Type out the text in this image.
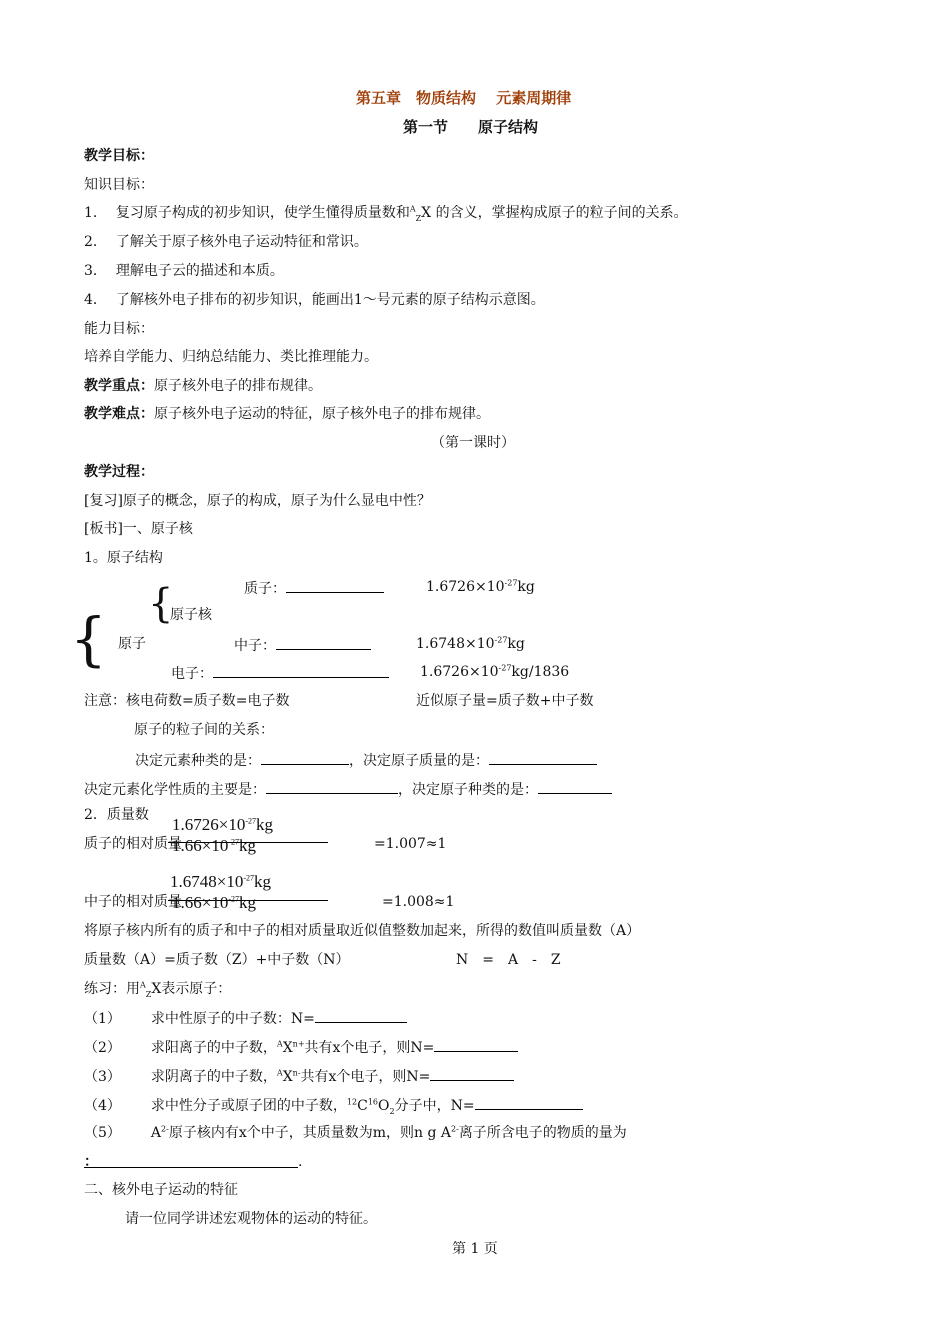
第五章　物质结构　 元素周期律
第一节　　原子结构
教学目标：
知识目标：
1． 复习原子构成的初步知识，使学生懂得质量数和$^A_Z$X 的含义，掌握构成原子的粒子间的关系。
2． 了解关于原子核外电子运动特征和常识。
3． 理解电子云的描述和本质。
4． 了解核外电子排布的初步知识，能画出1～号元素的原子结构示意图。
能力目标：
培养自学能力、归纳总结能力、类比推理能力。
教学重点：原子核外电子的排布规律。
教学难点：原子核外电子运动的特征，原子核外电子的排布规律。
（第一课时）
教学过程：
[复习]原子的概念，原子的构成，原子为什么显电中性？
[板书]一、原子核
1。原子结构
{
{	质子：	$1.6726\times 10^{-27}kg$
原子核
原子	中子：	$1.6748\times 10^{-27}kg$
电子：	$1.6726\times 10^{-27}kg/1836$
注意：核电荷数=质子数=电子数	近似原子量=质子数+中子数
原子的粒子间的关系：
决定元素种类的是：	，决定原子质量的是：
决定元素化学性质的主要是：	，决定原子种类的是：
2．质量数 $1.6726\times 10^{-27}kg$
质子的相对质量
$1.66\times 10^{-27}kg$	=1.007≈1
$1.6748\times 10^{-27}kg$
中子的相对质量
$1.66\times 10^{-27}kg$	=1.008≈1
将原子核内所有的质子和中子的相对质量取近似值整数加起来，所得的数值叫质量数（A）
质量数（A）=质子数（Z）+中子数（N）	N　=　A　-　Z
练习：用$^A_Z$X表示原子：
（1） 求中性原子的中子数：N=
（2） 求阳离子的中子数，$^AX^{n+}$共有x个电子，则N=
（3） 求阴离子的中子数，$^AX^{n-}$共有x个电子，则N=
（4） 求中性分子或原子团的中子数，$^{12}C^{16}O_2$分子中，N=
（5） $A^{2-}$原子核内有x个中子，其质量数为m，则n g $A^{2-}$离子所含电子的物质的量为
：	.
二、核外电子运动的特征
请一位同学讲述宏观物体的运动的特征。
第 1 页
